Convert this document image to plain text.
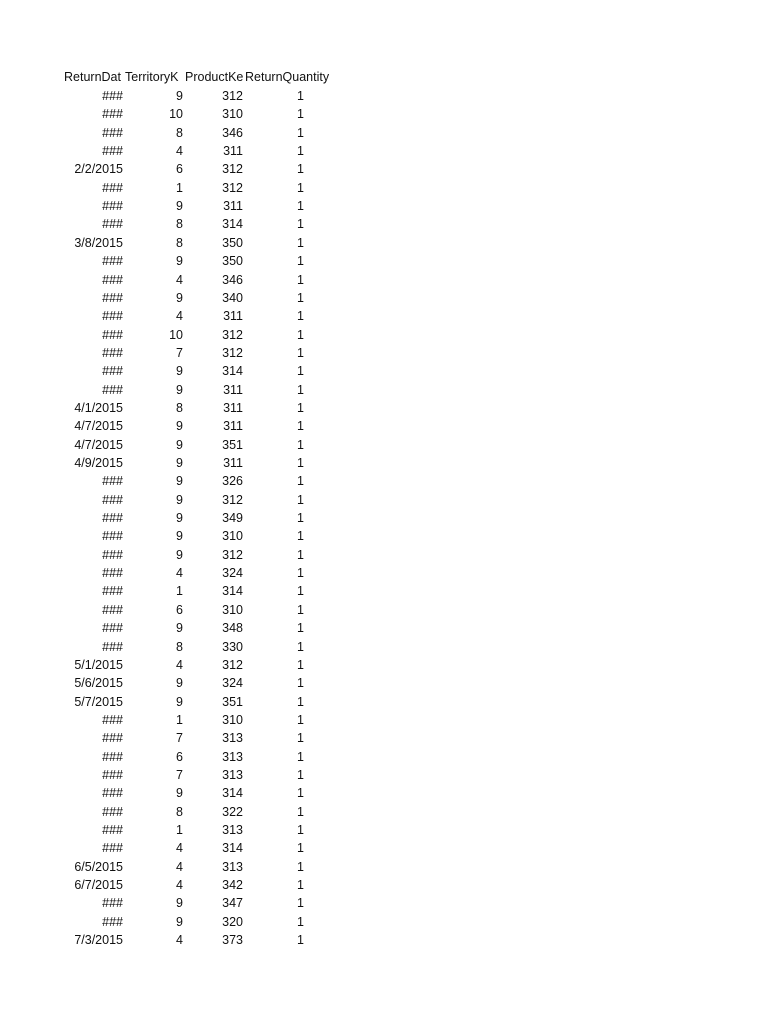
ReturnDat TerritoryK ProductKe ReturnQuantity
###	9	312	1
###	10	310	1
###	8	346	1
###	4	311	1
2/2/2015	6	312	1
###	1	312	1
###	9	311	1
###	8	314	1
3/8/2015	8	350	1
###	9	350	1
###	4	346	1
###	9	340	1
###	4	311	1
###	10	312	1
###	7	312	1
###	9	314	1
###	9	311	1
4/1/2015	8	311	1
4/7/2015	9	311	1
4/7/2015	9	351	1
4/9/2015	9	311	1
###	9	326	1
###	9	312	1
###	9	349	1
###	9	310	1
###	9	312	1
###	4	324	1
###	1	314	1
###	6	310	1
###	9	348	1
###	8	330	1
5/1/2015	4	312	1
5/6/2015	9	324	1
5/7/2015	9	351	1
###	1	310	1
###	7	313	1
###	6	313	1
###	7	313	1
###	9	314	1
###	8	322	1
###	1	313	1
###	4	314	1
6/5/2015	4	313	1
6/7/2015	4	342	1
###	9	347	1
###	9	320	1
7/3/2015	4	373	1
